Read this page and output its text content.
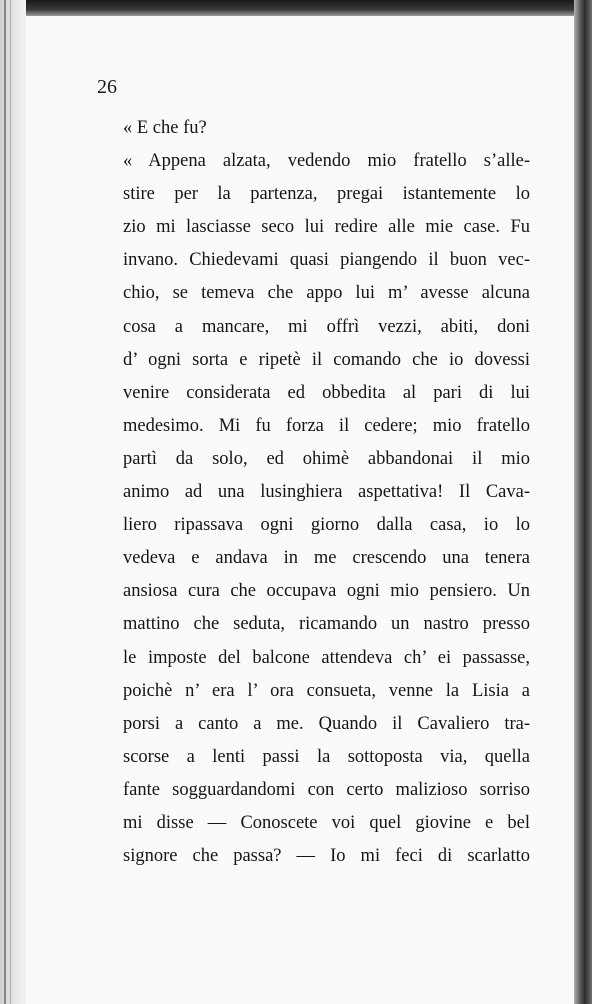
26

« E che fu?

« Appena alzata, vedendo mio fratello s’alle-

stire per la partenza, pregai istantemente lo

zio mi lasciasse seco lui redire alle mie case. Fu

invano. Chiedevami quasi piangendo il buon vec-

chio, se temeva che appo lui m’ avesse alcuna

cosa a mancare, mi offrì vezzi, abiti, doni

d’ ogni sorta e ripetè il comando che io dovessi

venire considerata ed obbedita al pari di lui

medesimo. Mi fu forza il cedere; mio fratello

partì da solo, ed ohimè abbandonai il mio

animo ad una lusinghiera aspettativa! Il Cava-

liero ripassava ogni giorno dalla casa, io lo

vedeva e andava in me crescendo una tenera

ansiosa cura che occupava ogni mio pensiero. Un

mattino che seduta, ricamando un nastro presso

le imposte del balcone attendeva ch’ ei passasse,

poichè n’ era l’ ora consueta, venne la Lisia a

porsi a canto a me. Quando il Cavaliero tra-

scorse a lenti passi la sottoposta via, quella

fante sogguardandomi con certo malizioso sorriso

mi disse — Conoscete voi quel giovine e bel

signore che passa? — Io mi feci di scarlatto
